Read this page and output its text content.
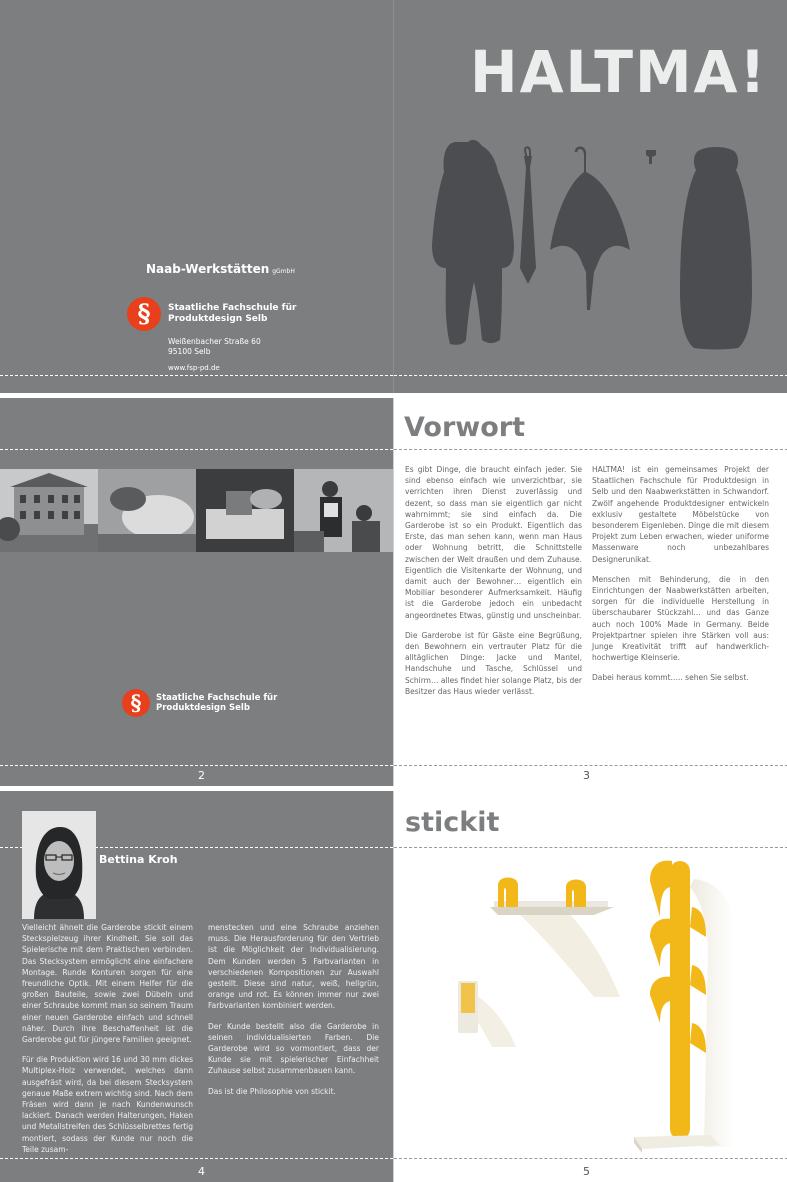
Naab-Werkstätten gGmbH
§	Staatliche Fachschule für
Produktdesign Selb
Weißenbacher Straße 60
95100 Selb
www.fsp-pd.de
HALTMA!
§	Staatliche Fachschule für
Produktdesign Selb
2
Vorwort

Es gibt Dinge, die braucht einfach jeder. Sie sind ebenso einfach wie unverzichtbar, sie verrichten ihren Dienst zuverlässig und dezent, so dass man sie eigentlich gar nicht wahrnimmt; sie sind einfach da. Die Garderobe ist so ein Produkt. Eigentlich das Erste, das man sehen kann, wenn man Haus oder Wohnung betritt, die Schnittstelle zwischen der Welt draußen und dem Zuhause. Eigentlich die Visitenkarte der Wohnung, und damit auch der Bewohner… eigentlich ein Mobiliar besonderer Aufmerksamkeit. Häufig ist die Garderobe jedoch ein unbedacht angeordnetes Etwas, günstig und unscheinbar.

Die Garderobe ist für Gäste eine Begrüßung, den Bewohnern ein vertrauter Platz für die alltäglichen Dinge: Jacke und Mantel, Handschuhe und Tasche, Schlüssel und Schirm… alles findet hier solange Platz, bis der Besitzer das Haus wieder verlässt.

HALTMA! ist ein gemeinsames Projekt der Staatlichen Fachschule für Produktdesign in Selb und den Naabwerkstätten in Schwandorf. Zwölf angehende Produktdesigner entwickeln exklusiv gestaltete Möbelstücke von besonderem Eigenleben. Dinge die mit diesem Projekt zum Leben erwachen, wieder uniforme Massenware noch unbezahlbares Designerunikat.

Menschen mit Behinderung, die in den Einrichtungen der Naabwerkstätten arbeiten, sorgen für die individuelle Herstellung in überschaubarer Stückzahl… und das Ganze auch noch 100% Made in Germany. Beide Projektpartner spielen ihre Stärken voll aus: Junge Kreativität trifft auf handwerklich-hochwertige Kleinserie.

Dabei heraus kommt….. sehen Sie selbst.

3
Bettina Kroh

Vielleicht ähnelt die Garderobe stickit einem Steckspielzeug ihrer Kindheit. Sie soll das Spielerische mit dem Praktischen verbinden. Das Stecksystem ermöglicht eine einfachere Montage. Runde Konturen sorgen für eine freundliche Optik. Mit einem Helfer für die großen Bauteile, sowie zwei Dübeln und einer Schraube kommt man so seinem Traum einer neuen Garderobe einfach und schnell näher. Durch ihre Beschaffenheit ist die Garderobe gut für jüngere Familien geeignet.

Für die Produktion wird 16 und 30 mm dickes Multiplex-Holz verwendet, welches dann ausgefräst wird, da bei diesem Stecksystem genaue Maße extrem wichtig sind. Nach dem Fräsen wird dann je nach Kundenwunsch lackiert. Danach werden Halterungen, Haken und Metallstreifen des Schlüsselbrettes fertig montiert, sodass der Kunde nur noch die Teile zusam-

menstecken und eine Schraube anziehen muss. Die Herausforderung für den Vertrieb ist die Möglichkeit der Individualisierung. Dem Kunden werden 5 Farbvarianten in verschiedenen Kompositionen zur Auswahl gestellt. Diese sind natur, weiß, hellgrün, orange und rot. Es können immer nur zwei Farbvarianten kombiniert werden.

Der Kunde bestellt also die Garderobe in seinen individualisierten Farben. Die Garderobe wird so vormontiert, dass der Kunde sie mit spielerischer Einfachheit Zuhause selbst zusammenbauen kann.

Das ist die Philosophie von stickit.

4
stickit
5
